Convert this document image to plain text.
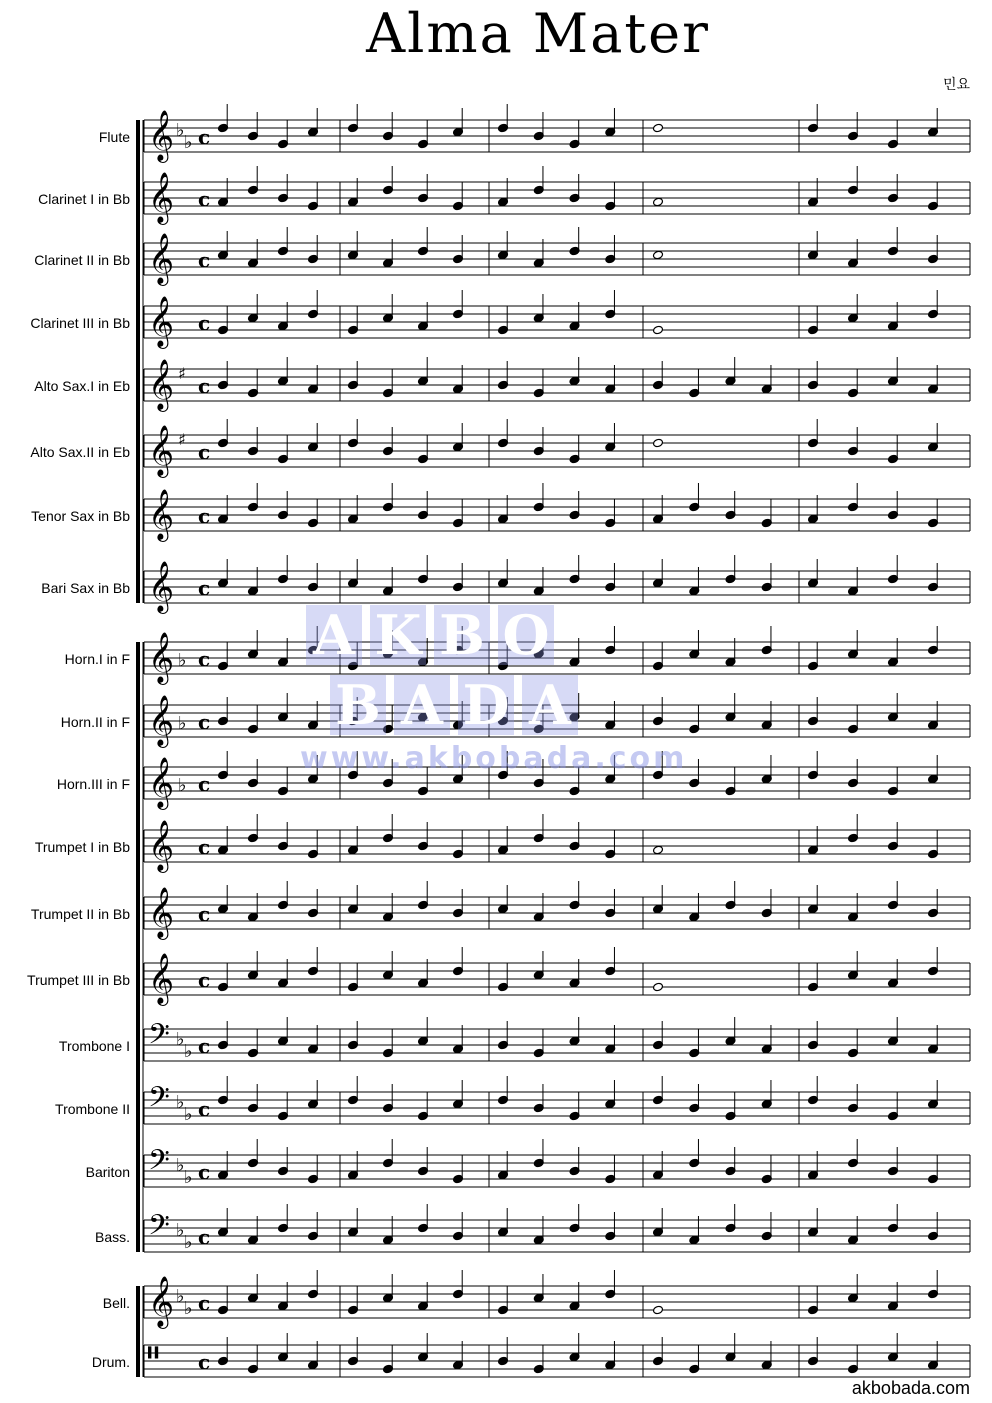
Alma Mater
민요
Flute 𝄞 ♭
♭ c
Clarinet I in Bb 𝄞 c
Clarinet II in Bb 𝄞 c
Clarinet III in Bb 𝄞 c
Alto Sax.I in Eb 𝄞 ♯
c
Alto Sax.II in Eb 𝄞 ♯
c
Tenor Sax in Bb 𝄞 c
Bari Sax in Bb 𝄞 c
Horn.I in F 𝄞 ♭ c
Horn.II in F 𝄞 ♭ c
Horn.III in F 𝄞 ♭ c
Trumpet I in Bb 𝄞 c
Trumpet II in Bb 𝄞 c
Trumpet III in Bb 𝄞 c
Trombone I 𝄢 ♭
♭ c
Trombone II 𝄢 ♭
♭ c
Bariton 𝄢 ♭
♭ c
Bass. 𝄢 ♭
♭ c
Bell. 𝄞 ♭
♭ c
Drum. 𝄥 c
A K B O
B A D A
www.akbobada.com
akbobada.com
